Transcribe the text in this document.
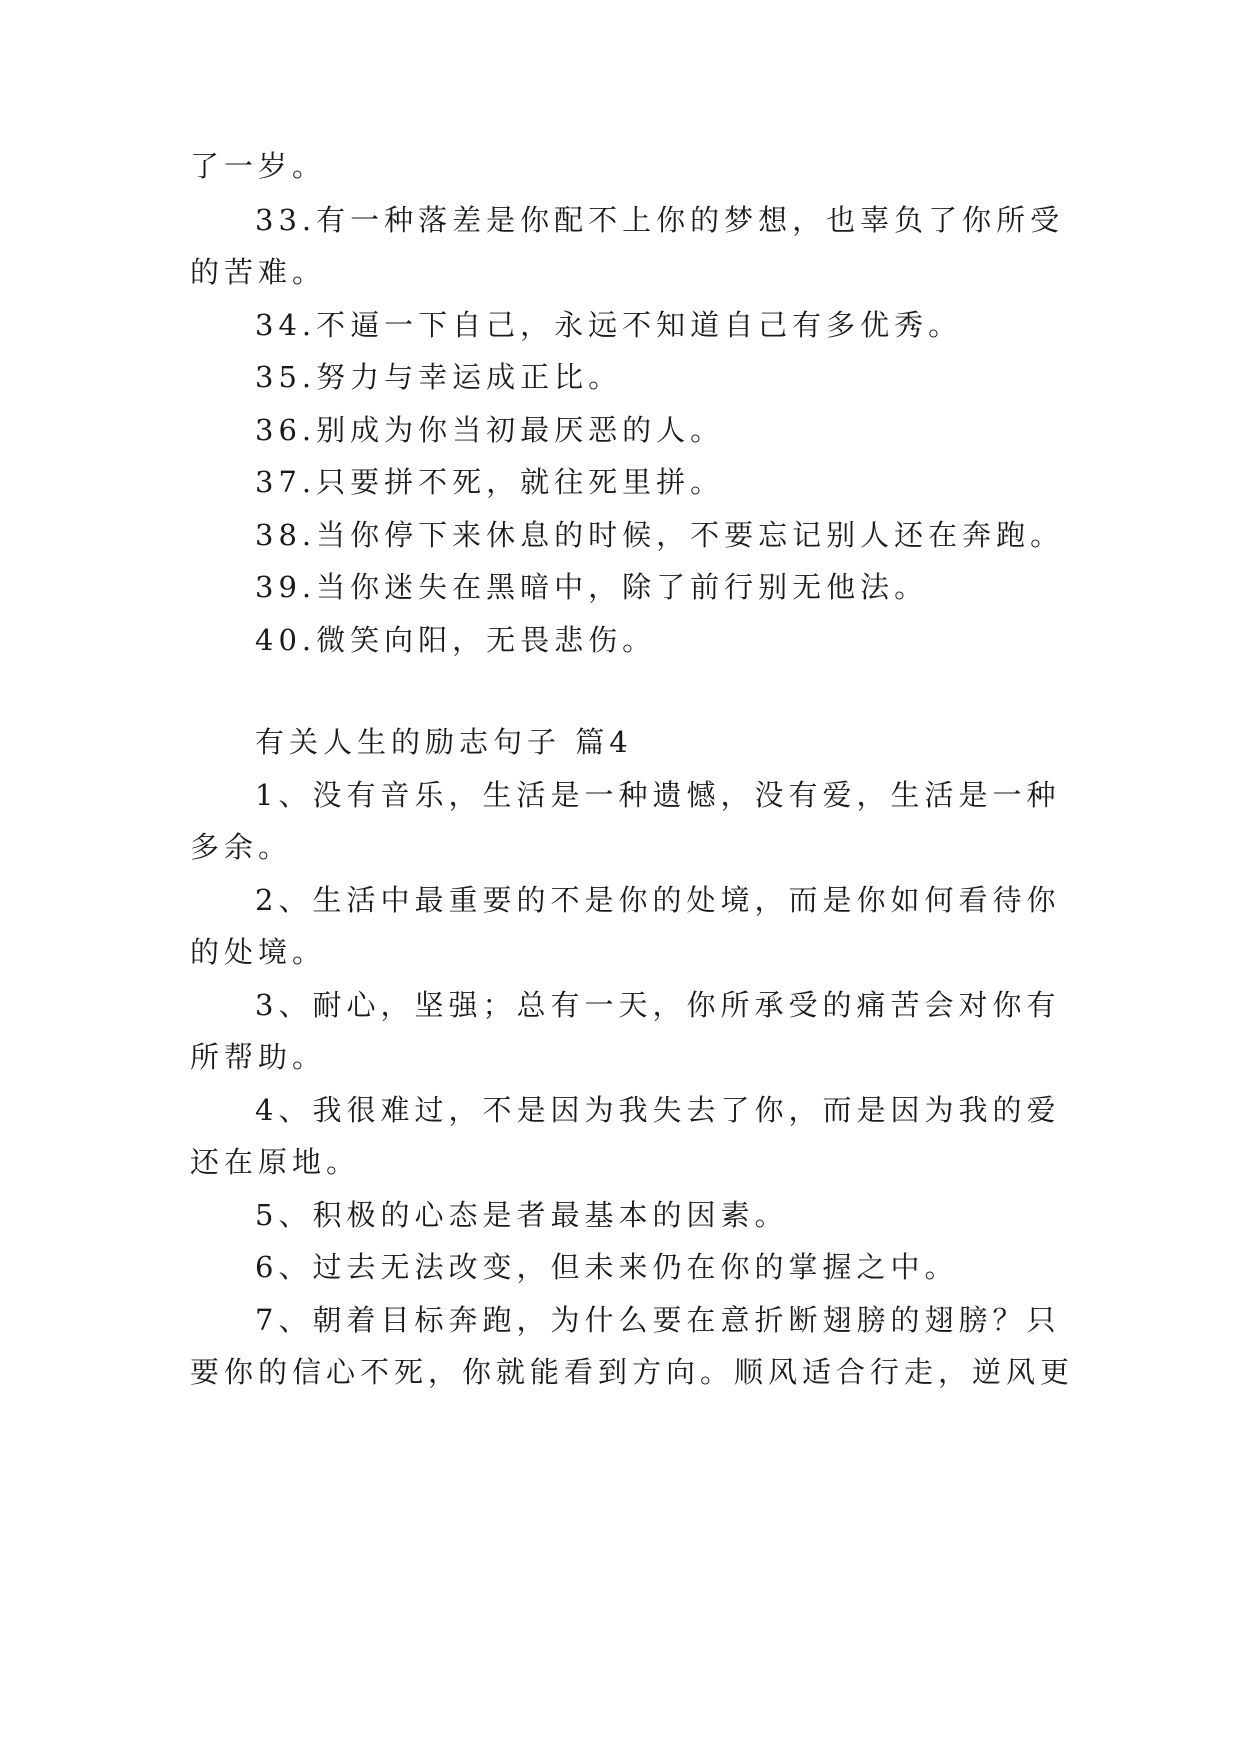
了一岁。
33.有一种落差是你配不上你的梦想，也辜负了你所受
的苦难。
34.不逼一下自己，永远不知道自己有多优秀。
35.努力与幸运成正比。
36.别成为你当初最厌恶的人。
37.只要拼不死，就往死里拼。
38.当你停下来休息的时候，不要忘记别人还在奔跑。
39.当你迷失在黑暗中，除了前行别无他法。
40.微笑向阳，无畏悲伤。
有关人生的励志句子 篇4
1、没有音乐，生活是一种遗憾，没有爱，生活是一种
多余。
2、生活中最重要的不是你的处境，而是你如何看待你
的处境。
3、耐心，坚强；总有一天，你所承受的痛苦会对你有
所帮助。
4、我很难过，不是因为我失去了你，而是因为我的爱
还在原地。
5、积极的心态是者最基本的因素。
6、过去无法改变，但未来仍在你的掌握之中。
7、朝着目标奔跑，为什么要在意折断翅膀的翅膀？只
要你的信心不死，你就能看到方向。顺风适合行走，逆风更
